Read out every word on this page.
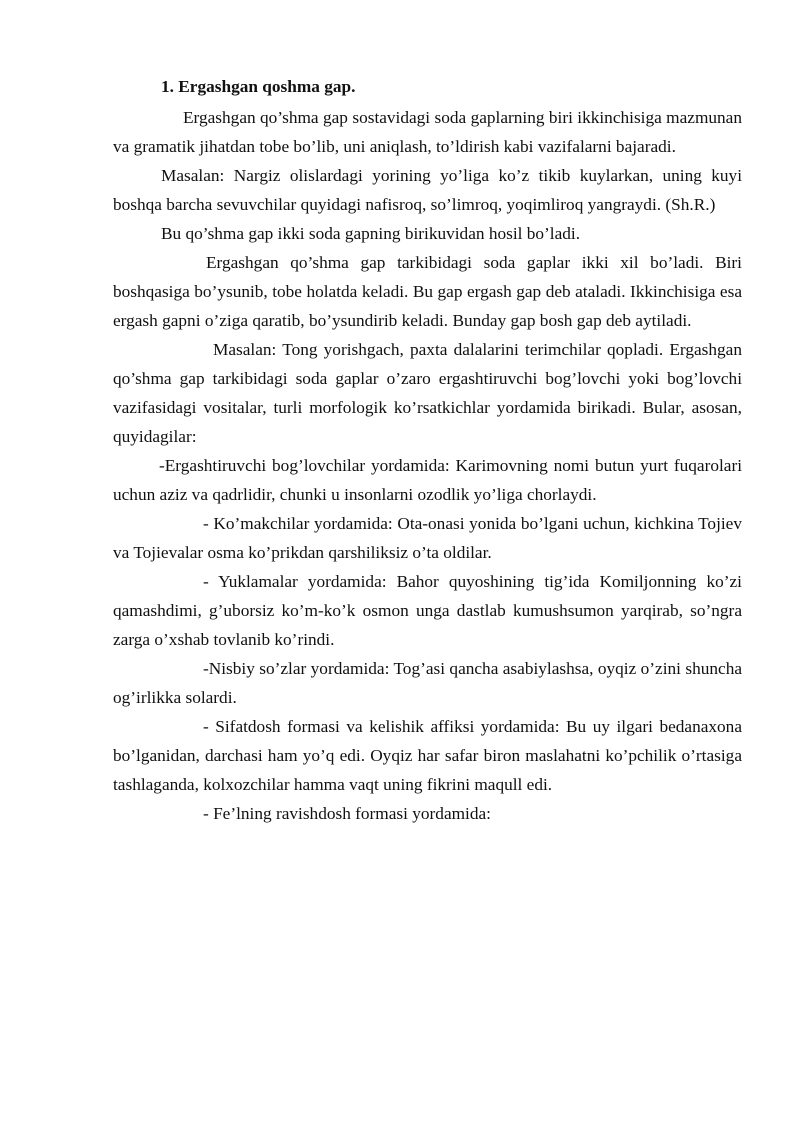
1. Ergashgan qoshma gap.

Ergashgan qo’shma gap sostavidagi soda gaplarning biri ikkinchisiga mazmunan va gramatik jihatdan tobe bo’lib, uni aniqlash, to’ldirish kabi vazifalarni bajaradi.

Masalan: Nargiz olislardagi yorining yo’liga ko’z tikib kuylarkan, uning kuyi boshqa barcha sevuvchilar quyidagi nafisroq, so’limroq, yoqimliroq yangraydi. (Sh.R.)

Bu qo’shma gap ikki soda gapning birikuvidan hosil bo’ladi.

Ergashgan qo’shma gap tarkibidagi soda gaplar ikki xil bo’ladi. Biri boshqasiga bo’ysunib, tobe holatda keladi. Bu gap ergash gap deb ataladi. Ikkinchisiga esa ergash gapni o’ziga qaratib, bo’ysundirib keladi. Bunday gap bosh gap deb aytiladi.

Masalan: Tong yorishgach, paxta dalalarini terimchilar qopladi. Ergashgan qo’shma gap tarkibidagi soda gaplar o’zaro ergashtiruvchi bog’lovchi yoki bog’lovchi vazifasidagi vositalar, turli morfologik ko’rsatkichlar yordamida birikadi. Bular, asosan, quyidagilar:

-Ergashtiruvchi bog’lovchilar yordamida: Karimovning nomi butun yurt fuqarolari uchun aziz va qadrlidir, chunki u insonlarni ozodlik yo’liga chorlaydi.

- Ko’makchilar yordamida: Ota-onasi yonida bo’lgani uchun, kichkina Tojiev va Tojievalar osma ko’prikdan qarshiliksiz o’ta oldilar.

- Yuklamalar yordamida: Bahor quyoshining tig’ida Komiljonning ko’zi qamashdimi, g’uborsiz ko’m-ko’k osmon unga dastlab kumushsumon yarqirab, so’ngra zarga o’xshab tovlanib ko’rindi.

-Nisbiy so’zlar yordamida: Tog’asi qancha asabiylashsa, oyqiz o’zini shuncha og’irlikka solardi.

- Sifatdosh formasi va kelishik affiksi yordamida: Bu uy ilgari bedanaxona bo’lganidan, darchasi ham yo’q edi. Oyqiz har safar biron maslahatni ko’pchilik o’rtasiga tashlaganda, kolxozchilar hamma vaqt uning fikrini maqull edi.

- Fe’lning ravishdosh formasi yordamida:
